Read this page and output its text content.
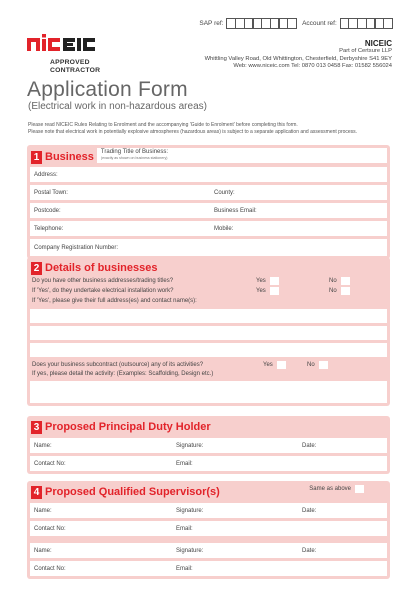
SAP ref:	Account ref:
APPROVED
CONTRACTOR
NICEIC
Part of Certsure LLP
Whittling Valley Road, Old Whittington, Chesterfield, Derbyshire S41 9EY
Web: www.niceic.com Tel: 0870 013 0458 Fax: 01582 556024
Application Form
(Electrical work in non-hazardous areas)
Please read NICEIC Rules Relating to Enrolment and the accompanying 'Guide to Enrolment' before completing this form.
Please note that electrical work in potentially explosive atmospheres (hazardous areas) is subject to a separate application and assessment process.
1 Business Trading Title of Business:
(exactly as shown on business stationery)
Address:
Postal Town:	County:
Postcode:	Business Email:
Telephone:	Mobile:
Company Registration Number:
2 Details of businesses
Do you have other business addresses/trading titles?	Yes	No
If 'Yes', do they undertake electrical installation work?	Yes	No
If 'Yes', please give their full address(es) and contact name(s):
Does your business subcontract (outsource) any of its activities?	Yes	No
If yes, please detail the activity: (Examples: Scaffolding, Design etc.)
3 Proposed Principal Duty Holder
Name:	Signature:	Date:
Contact No:	Email:
4 Proposed Qualified Supervisor(s)	Same as above
Name:	Signature:	Date:
Contact No:	Email:
Name:	Signature:	Date:
Contact No:	Email:
